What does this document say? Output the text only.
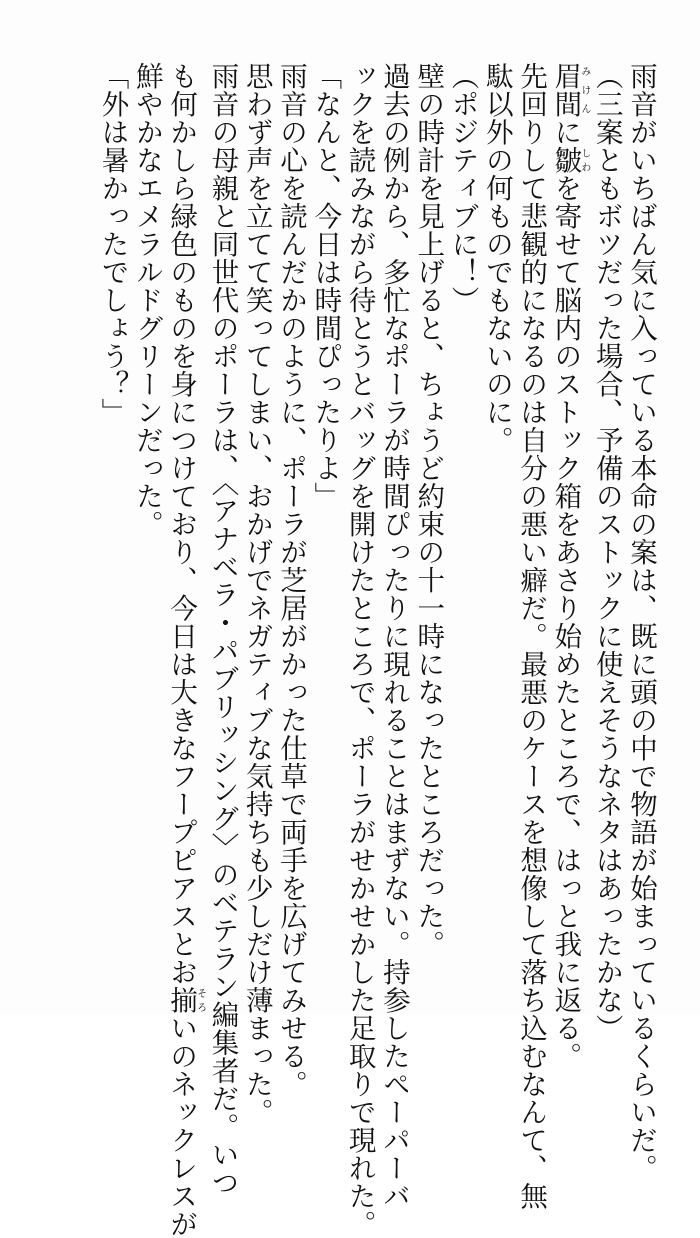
雨音がいちばん気に入っている本命の案は、既に頭の中で物語が始まっているくらいだ。
（三案ともボツだった場合、予備のストックに使えそうなネタはあったかな）
眉間みけんに皺しわを寄せて脳内のストック箱をあさり始めたところで、はっと我に返る。
先回りして悲観的になるのは自分の悪い癖だ。最悪のケースを想像して落ち込むなんて、無
駄以外の何ものでもないのに。
（ポジティブに！）
壁の時計を見上げると、ちょうど約束の十一時になったところだった。
過去の例から、多忙なポーラが時間ぴったりに現れることはまずない。持参したペーパーバ
ックを読みながら待とうとバッグを開けたところで、ポーラがせかせかした足取りで現れた。
「なんと、今日は時間ぴったりよ」
雨音の心を読んだかのように、ポーラが芝居がかった仕草で両手を広げてみせる。
思わず声を立てて笑ってしまい、おかげでネガティブな気持ちも少しだけ薄まった。
雨音の母親と同世代のポーラは、〈アナベラ・パブリッシング〉のベテラン編集者だ。いつ
も何かしら緑色のものを身につけており、今日は大きなフープピアスとお揃そろいのネックレスが
鮮やかなエメラルドグリーンだった。
「外は暑かったでしょう？」
